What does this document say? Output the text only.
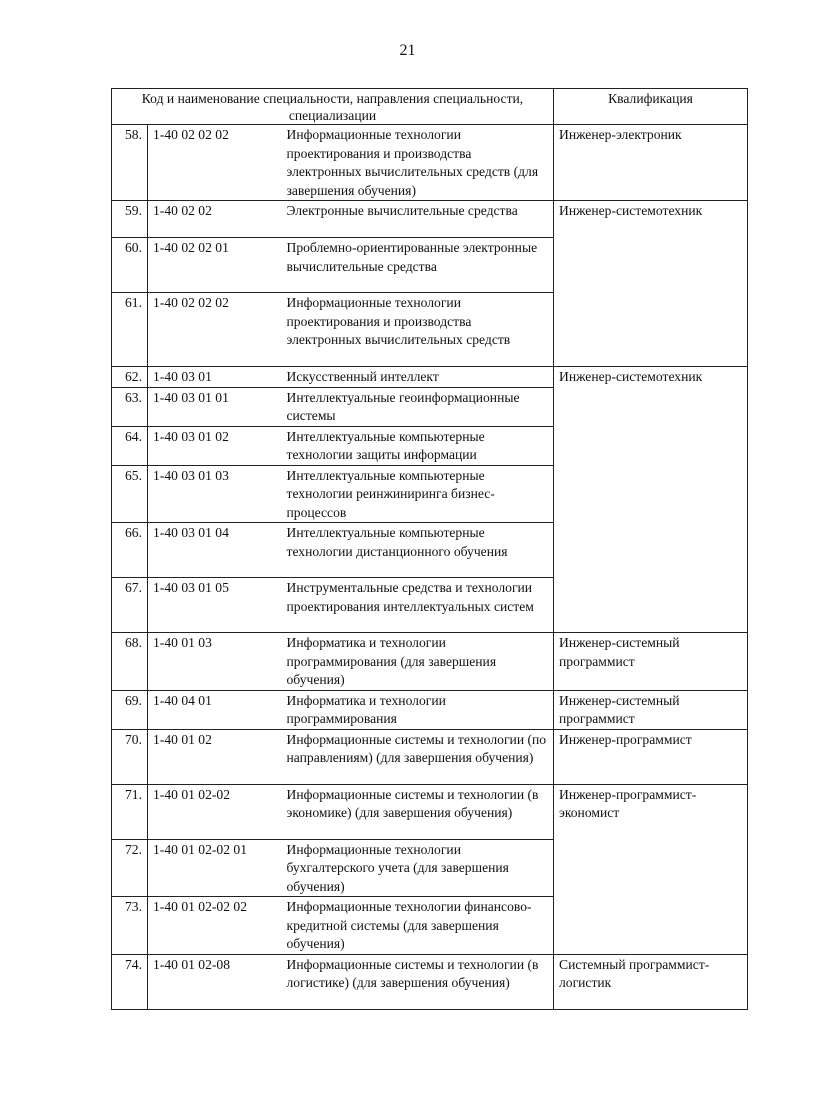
21
Код и наименование специальности, направления специальности, специализации			Квалификация
58.	1-40 02 02 02	Информационные технологии проектирования и производства электронных вычислительных средств (для завершения обучения)	Инженер-электроник
59.	1-40 02 02	Электронные вычислительные средства	Инженер-системотехник
60.	1-40 02 02 01	Проблемно-ориентированные электронные вычислительные средства	
61.	1-40 02 02 02	Информационные технологии проектирования и производства электронных вычислительных средств	
62.	1-40 03 01	Искусственный интеллект	Инженер-системотехник
63.	1-40 03 01 01	Интеллектуальные геоинформационные системы	
64.	1-40 03 01 02	Интеллектуальные компьютерные технологии защиты информации	
65.	1-40 03 01 03	Интеллектуальные компьютерные технологии реинжиниринга бизнес-процессов	
66.	1-40 03 01 04	Интеллектуальные компьютерные технологии дистанционного обучения	
67.	1-40 03 01 05	Инструментальные средства и технологии проектирования интеллектуальных систем	
68.	1-40 01 03	Информатика и технологии программирования (для завершения обучения)	Инженер-системный программист
69.	1-40 04 01	Информатика и технологии программирования	Инженер-системный программист
70.	1-40 01 02	Информационные системы и технологии (по направлениям) (для завершения обучения)	Инженер-программист
71.	1-40 01 02-02	Информационные системы и технологии (в экономике) (для завершения обучения)	Инженер-программист-экономист
72.	1-40 01 02-02 01	Информационные технологии бухгалтерского учета (для завершения обучения)	
73.	1-40 01 02-02 02	Информационные технологии финансово-кредитной системы (для завершения обучения)	
74.	1-40 01 02-08	Информационные системы и технологии (в логистике) (для завершения обучения)	Системный программист-логистик
